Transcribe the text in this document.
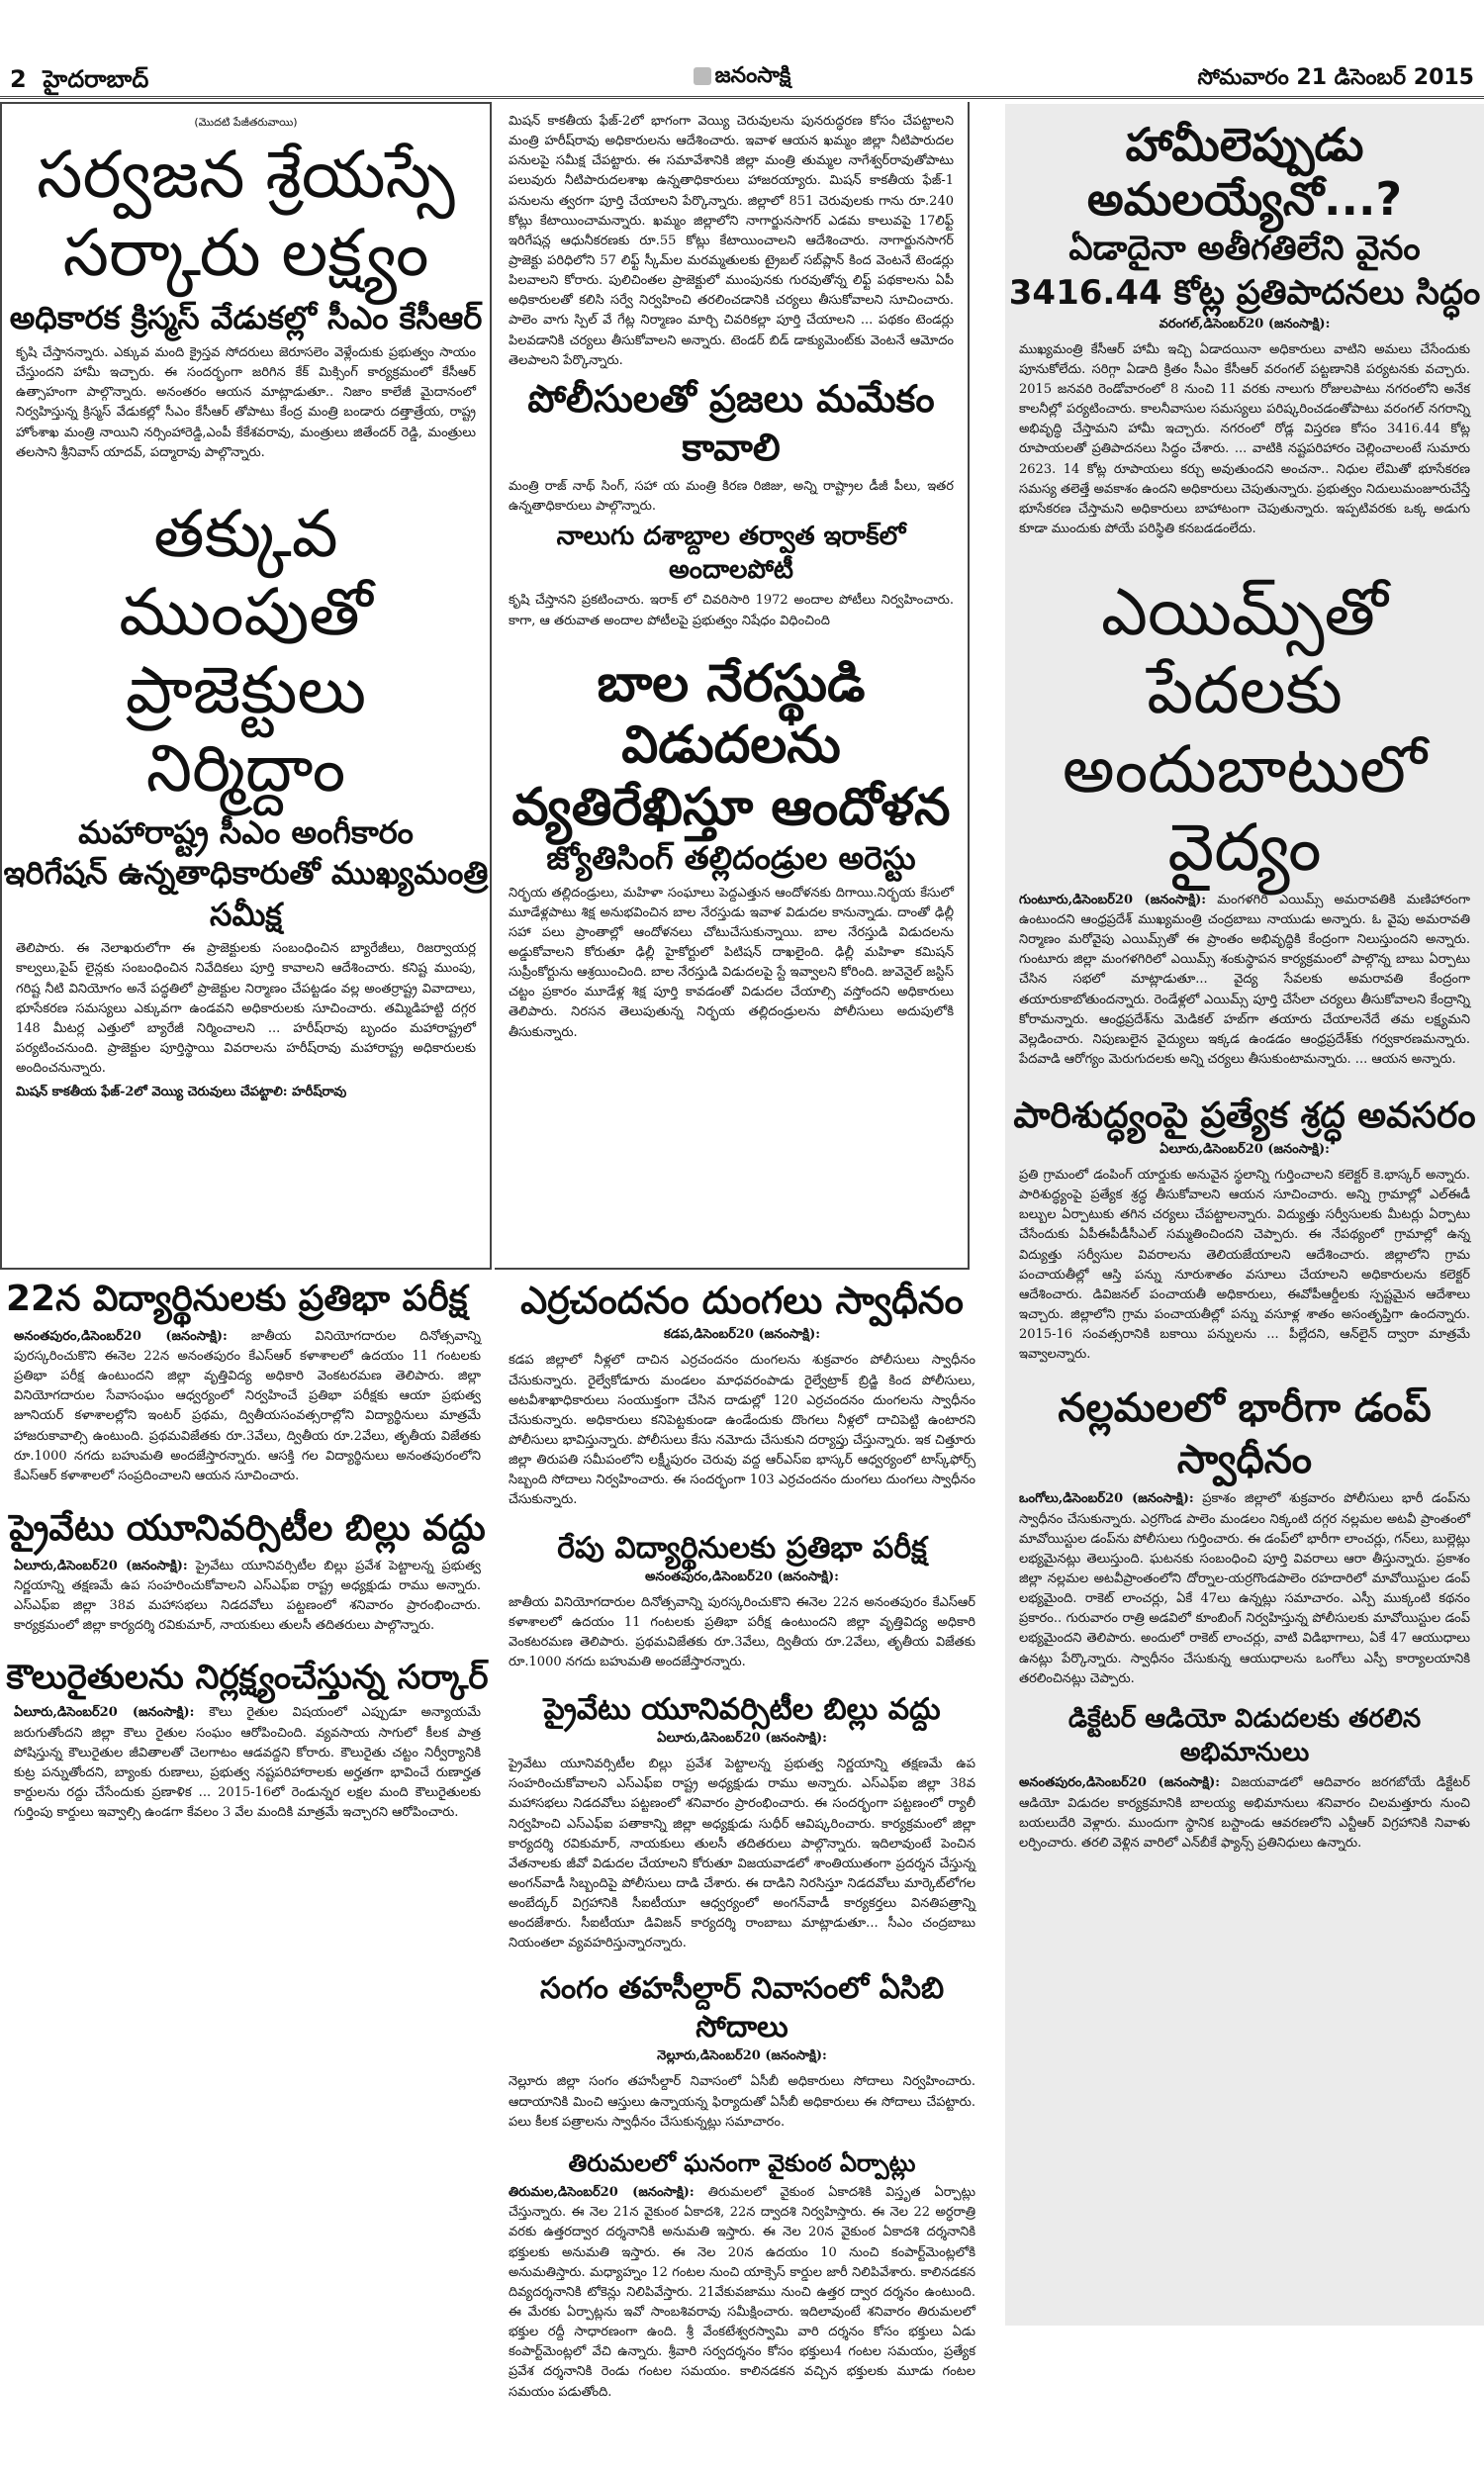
2 హైదరాబాద్	జనంసాక్షి	సోమవారం 21 డిసెంబర్ 2015
(మొదటి పేజీతరువాయి)
సర్వజన శ్రేయస్సే సర్కారు లక్ష్యం
అధికారక క్రిస్మస్ వేడుకల్లో సీఎం కేసీఆర్

కృషి చేస్తానన్నారు. ఎక్కువ మంది క్రైస్తవ సోదరులు జెరూసలెం వెళ్లేందుకు ప్రభుత్వం సాయం చేస్తుందని హామీ ఇచ్చారు. ఈ సందర్భంగా జరిగిన కేక్ మిక్సింగ్ కార్యక్రమంలో కేసీఆర్ ఉత్సాహంగా పాల్గొన్నారు. అనంతరం ఆయన మాట్లాడుతూ.. నిజాం కాలేజీ మైదానంలో నిర్వహిస్తున్న క్రిస్మస్ వేడుకల్లో సీఎం కేసీఆర్ తోపాటు కేంద్ర మంత్రి బండారు దత్తాత్రేయ, రాష్ట్ర హోంశాఖ మంత్రి నాయిని నర్సింహారెడ్డి,ఎంపీ కేకేశవరావు, మంత్రులు జితేందర్ రెడ్డి, మంత్రులు తలసాని శ్రీనివాస్ యాదవ్, పద్మారావు పాల్గొన్నారు.

తక్కువ ముంపుతో ప్రాజెక్టులు నిర్మిద్దాం
మహారాష్ట్ర సీఎం అంగీకారం
ఇరిగేషన్ ఉన్నతాధికారుతో ముఖ్యమంత్రి సమీక్ష

తెలిపారు. ఈ నెలాఖరులోగా ఈ ప్రాజెక్టులకు సంబంధించిన బ్యారేజీలు, రిజర్వాయర్ల కాల్వలు,పైప్ లైన్లకు సంబంధించిన నివేదికలు పూర్తి కావాలని ఆదేశించారు. కనిష్ట ముంపు, గరిష్ట నీటి వినియోగం అనే పద్ధతిలో ప్రాజెక్టుల నిర్మాణం చేపట్టడం వల్ల అంతర్రాష్ట్ర వివాదాలు, భూసేకరణ సమస్యలు ఎక్కువగా ఉండవని అధికారులకు సూచించారు. తమ్మిడిహట్టి దగ్గర 148 మీటర్ల ఎత్తులో బ్యారేజీ నిర్మించాలని ... హరీష్‌రావు బృందం మహారాష్ట్రలో పర్యటించనుంది. ప్రాజెక్టుల పూర్తిస్థాయి వివరాలను హరీష్‌రావు మహారాష్ట్ర అధికారులకు అందించనున్నారు.

మిషన్ కాకతీయ ఫేజ్-2లో వెయ్యి చెరువులు చేపట్టాలి: హరీష్‌రావు

మిషన్ కాకతీయ ఫేజ్-2లో భాగంగా వెయ్యి చెరువులను పునరుద్ధరణ కోసం చేపట్టాలని మంత్రి హరీష్‌రావు అధికారులను ఆదేశించారు. ఇవాళ ఆయన ఖమ్మం జిల్లా నీటిపారుదల పనులపై సమీక్ష చేపట్టారు. ఈ సమావేశానికి జిల్లా మంత్రి తుమ్మల నాగేశ్వర్‌రావుతోపాటు పలువురు నీటిపారుదలశాఖ ఉన్నతాధికారులు హాజరయ్యారు. మిషన్ కాకతీయ ఫేజ్-1 పనులను త్వరగా పూర్తి చేయాలని పేర్కొన్నారు. జిల్లాలో 851 చెరువులకు గాను రూ.240 కోట్లు కేటాయించామన్నారు. ఖమ్మం జిల్లాలోని నాగార్జునసాగర్ ఎడమ కాలువపై 17లిఫ్ట్ ఇరిగేషన్ల ఆధునీకరణకు రూ.55 కోట్లు కేటాయించాలని ఆదేశించారు. నాగార్జునసాగర్ ప్రాజెక్టు పరిధిలోని 57 లిఫ్ట్ స్కీమ్‌ల మరమ్మతులకు ట్రైబల్ సబ్‌ప్లాన్ కింద వెంటనే టెండర్లు పిలవాలని కోరారు. పులిచింతల ప్రాజెక్టులో ముంపునకు గురవుతోన్న లిఫ్ట్ పథకాలను ఏపీ అధికారులతో కలిసి సర్వే నిర్వహించి తరలించడానికి చర్యలు తీసుకోవాలని సూచించారు. పాలెం వాగు స్పిల్ వే గేట్ల నిర్మాణం మార్చి చివరికల్లా పూర్తి చేయాలని ... పథకం టెండర్లు పిలవడానికి చర్యలు తీసుకోవాలని అన్నారు. టెండర్ బిడ్ డాక్యుమెంట్‌కు వెంటనే ఆమోదం తెలపాలని పేర్కొన్నారు.

పోలీసులతో ప్రజలు మమేకం కావాలి

మంత్రి రాజ్ నాథ్ సింగ్, సహా య మంత్రి కిరణ రిజిజు, అన్ని రాష్ట్రాల డీజీ పీలు, ఇతర ఉన్నతాధికారులు పాల్గొన్నారు.

నాలుగు దశాబ్దాల తర్వాత ఇరాక్‌లో అందాలపోటీ

కృషి చేస్తానని ప్రకటించారు. ఇరాక్ లో చివరిసారి 1972 అందాల పోటీలు నిర్వహించారు. కాగా, ఆ తరువాత అందాల పోటీలపై ప్రభుత్వం నిషేధం విధించింది

బాల నేరస్థుడి విడుదలను వ్యతిరేఖిస్తూ ఆందోళన
జ్యోతిసింగ్ తల్లిదండ్రుల అరెస్టు

నిర్భయ తల్లిదండ్రులు, మహిళా సంఘాలు పెద్దఎత్తున ఆందోళనకు దిగాయి.నిర్భయ కేసులో మూడేళ్లపాటు శిక్ష అనుభవించిన బాల నేరస్తుడు ఇవాళ విడుదల కానున్నాడు. దాంతో ఢిల్లీ సహా పలు ప్రాంతాల్లో ఆందోళనలు చోటుచేసుకున్నాయి. బాల నేరస్తుడి విడుదలను అడ్డుకోవాలని కోరుతూ ఢిల్లీ హైకోర్టులో పిటిషన్ దాఖలైంది. ఢిల్లీ మహిళా కమిషన్ సుప్రీంకోర్టును ఆశ్రయించింది. బాల నేరస్తుడి విడుదలపై స్టే ఇవ్వాలని కోరింది. జువెనైల్ జస్టిస్ చట్టం ప్రకారం మూడేళ్ల శిక్ష పూర్తి కావడంతో విడుదల చేయాల్సి వస్తోందని అధికారులు తెలిపారు. నిరసన తెలుపుతున్న నిర్భయ తల్లిదండ్రులను పోలీసులు అదుపులోకి తీసుకున్నారు.

హామీలెప్పుడు అమలయ్యేనో...?
ఏడాదైనా అతీగతిలేని వైనం
3416.44 కోట్ల ప్రతిపాదనలు సిద్ధం
వరంగల్,డిసెంబర్20 (జనంసాక్షి):

ముఖ్యమంత్రి కేసీఆర్ హామీ ఇచ్చి ఏడాదయినా అధికారులు వాటిని అమలు చేసేందుకు పూనుకోలేదు. సరిగ్గా ఏడాది క్రితం సీఎం కేసీఆర్ వరంగల్ పట్టణానికి పర్యటనకు వచ్చారు. 2015 జనవరి రెండోవారంలో 8 నుంచి 11 వరకు నాలుగు రోజులపాటు నగరంలోని అనేక కాలనీల్లో పర్యటించారు. కాలనీవాసుల సమస్యలు పరిష్కరించడంతోపాటు వరంగల్ నగరాన్ని అభివృద్ధి చేస్తామని హామీ ఇచ్చారు. నగరంలో రోడ్ల విస్తరణ కోసం 3416.44 కోట్ల రూపాయలతో ప్రతిపాదనలు సిద్ధం చేశారు. ... వాటికి నష్టపరిహారం చెల్లించాలంటే సుమారు 2623. 14 కోట్ల రూపాయలు కర్చు అవుతుందని అంచనా.. నిధుల లేమితో భూసేకరణ సమస్య తలెత్తే అవకాశం ఉందని అధికారులు చెపుతున్నారు. ప్రభుత్వం నిదులుమంజూరుచేస్తే భూసేకరణ చేస్తామని అధికారులు బాహాటంగా చెపుతున్నారు. ఇప్పటివరకు ఒక్క అడుగు కూడా ముందుకు పోయే పరిస్థితి కనబడడంలేదు.

ఎయిమ్స్‌తో పేదలకు అందుబాటులో వైద్యం

గుంటూరు,డిసెంబర్20 (జనంసాక్షి): మంగళగిరి ఎయిమ్స్ అమరావతికి మణిహారంగా ఉంటుందని ఆంధ్రప్రదేశ్ ముఖ్యమంత్రి చంద్రబాబు నాయుడు అన్నారు. ఓ వైపు అమరావతి నిర్మాణం మరోవైపు ఎయిమ్స్‌తో ఈ ప్రాంతం అభివృద్ధికి కేంద్రంగా నిలుస్తుందని అన్నారు. గుంటూరు జిల్లా మంగళగిరిలో ఎయిమ్స్ శంకుస్థాపన కార్యక్రమంలో పాల్గొన్న బాబు ఏర్పాటు చేసిన సభలో మాట్లాడుతూ... వైద్య సేవలకు అమరావతి కేంద్రంగా తయారుకాబోతుందన్నారు. రెండేళ్లలో ఎయిమ్స్ పూర్తి చేసేలా చర్యలు తీసుకోవాలని కేంద్రాన్ని కోరామన్నారు. ఆంధ్రప్రదేశ్‌ను మెడికల్ హబ్‌గా తయారు చేయాలనేదే తమ లక్ష్యమని వెల్లడించారు. నిపుణులైన వైద్యులు ఇక్కడ ఉండడం ఆంధ్రప్రదేశ్‌కు గర్వకారణమన్నారు. పేదవాడి ఆరోగ్యం మెరుగుదలకు అన్ని చర్యలు తీసుకుంటామన్నారు. ... ఆయన అన్నారు.

పారిశుద్ధ్యంపై ప్రత్యేక శ్రద్ధ అవసరం
ఏలూరు,డిసెంబర్20 (జనంసాక్షి):

ప్రతి గ్రామంలో డంపింగ్ యార్డుకు అనువైన స్థలాన్ని గుర్తించాలని కలెక్టర్ కె.భాస్కర్ అన్నారు. పారిశుద్ధ్యంపై ప్రత్యేక శ్రద్ధ తీసుకోవాలని ఆయన సూచించారు. అన్ని గ్రామాల్లో ఎల్ఈడీ బల్బుల ఏర్పాటుకు తగిన చర్యలు చేపట్టాలన్నారు. విద్యుత్తు సర్వీసులకు మీటర్లు ఏర్పాటు చేసేందుకు ఏపీఈపీడీసీఎల్ సమ్మతించిందని చెప్పారు. ఈ నేపథ్యంలో గ్రామాల్లో ఉన్న విద్యుత్తు సర్వీసుల వివరాలను తెలియజేయాలని ఆదేశించారు. జిల్లాలోని గ్రామ పంచాయతీల్లో ఆస్తి పన్ను నూరుశాతం వసూలు చేయాలని అధికారులను కలెక్టర్ ఆదేశించారు. డివిజనల్ పంచాయతీ అధికారులు, ఈవోపీఆర్డీలకు స్పష్టమైన ఆదేశాలు ఇచ్చారు. జిల్లాలోని గ్రామ పంచాయతీల్లో పన్ను వసూళ్ల శాతం అసంతృప్తిగా ఉందన్నారు. 2015-16 సంవత్సరానికి బకాయి పన్నులను ... పీల్లేదని, ఆన్‌లైన్ ద్వారా మాత్రమే ఇవ్వాలన్నారు.

నల్లమలలో భారీగా డంప్ స్వాధీనం

ఒంగోలు,డిసెంబర్20 (జనంసాక్షి): ప్రకాశం జిల్లాలో శుక్రవారం పోలీసులు భారీ డంప్‌ను స్వాధీనం చేసుకున్నారు. ఎర్రగొండ పాలెం మండలం నిక్కంటి దగ్గర నల్లమల అటవీ ప్రాంతంలో మావోయిస్టుల డంప్‌ను పోలీసులు గుర్తించారు. ఈ డంప్‌లో భారీగా లాంచర్లు, గన్‌లు, బుల్లెట్లు లభ్యమైనట్లు తెలుస్తుంది. ఘటనకు సంబంధించి పూర్తి వివరాలు ఆరా తీస్తున్నారు. ప్రకాశం జిల్లా నల్లమల అటవీప్రాంతంలోని దోర్నాల-యర్రగొండపాలెం రహదారిలో మావోయిస్టుల డంప్ లభ్యమైంది. రాకెట్ లాంచర్లు, ఏకే 47లు ఉన్నట్లు సమాచారం. ఎస్పీ ముక్కంటి కథనం ప్రకారం.. గురువారం రాత్రి అడవిలో కూంబింగ్ నిర్వహిస్తున్న పోలీసులకు మావోయిస్టుల డంప్ లభ్యమైందని తెలిపారు. అందులో రాకెట్ లాంచర్లు, వాటి విడిభాగాలు, ఏకే 47 ఆయుధాలు ఉనట్లు పేర్కొన్నారు. స్వాధీనం చేసుకున్న ఆయుధాలను ఒంగోలు ఎస్పీ కార్యాలయానికి తరలించినట్లు చెప్పారు.

డిక్టేటర్ ఆడియో విడుదలకు తరలిన అభిమానులు

అనంతపురం,డిసెంబర్20 (జనంసాక్షి): విజయవాడలో ఆదివారం జరగబోయే డిక్టేటర్ ఆడియో విడుదల కార్యక్రమానికి బాలయ్య అభిమానులు శనివారం చిలమత్తూరు నుంచి బయలుదేరి వెళ్లారు. ముందుగా స్థానిక బస్టాండు ఆవరణలోని ఎన్టీఆర్ విగ్రహానికి నివాళు లర్పించారు. తరలి వెళ్లిన వారిలో ఎన్‌బీకే ఫ్యాన్స్ ప్రతినిధులు ఉన్నారు.

22న విద్యార్థినులకు ప్రతిభా పరీక్ష

అనంతపురం,డిసెంబర్20 (జనంసాక్షి): జాతీయ వినియోగదారుల దినోత్సవాన్ని పురస్కరించుకొని ఈనెల 22న అనంతపురం కేఎస్ఆర్ కళాశాలలో ఉదయం 11 గంటలకు ప్రతిభా పరీక్ష ఉంటుందని జిల్లా వృత్తివిద్య అధికారి వెంకటరమణ తెలిపారు. జిల్లా వినియోగదారుల సేవాసంఘం ఆధ్వర్యంలో నిర్వహించే ప్రతిభా పరీక్షకు ఆయా ప్రభుత్వ జూనియర్ కళాశాలల్లోని ఇంటర్ ప్రథమ, ద్వితీయసంవత్సరాల్లోని విద్యార్థినులు మాత్రమే హాజరుకావాల్సి ఉంటుంది. ప్రథమవిజేతకు రూ.3వేలు, ద్వితీయ రూ.2వేలు, తృతీయ విజేతకు రూ.1000 నగదు బహుమతి అందజేస్తారన్నారు. ఆసక్తి గల విద్యార్థినులు అనంతపురంలోని కేఎస్ఆర్ కళాశాలలో సంప్రదించాలని ఆయన సూచించారు.

ప్రైవేటు యూనివర్సిటీల బిల్లు వద్దు

ఏలూరు,డిసెంబర్20 (జనంసాక్షి): ప్రైవేటు యూనివర్సిటీల బిల్లు ప్రవేశ పెట్టాలన్న ప్రభుత్వ నిర్ణయాన్ని తక్షణమే ఉప సంహరించుకోవాలని ఎస్ఎఫ్ఐ రాష్ట్ర అధ్యక్షుడు రాము అన్నారు. ఎస్ఎఫ్ఐ జిల్లా 38వ మహాసభలు నిడదవోలు పట్టణంలో శనివారం ప్రారంభించారు. కార్యక్రమంలో జిల్లా కార్యదర్శి రవికుమార్, నాయకులు తులసీ తదితరులు పాల్గొన్నారు.

కౌలురైతులను నిర్లక్ష్యంచేస్తున్న సర్కార్

ఏలూరు,డిసెంబర్20 (జనంసాక్షి): కౌలు రైతుల విషయంలో ఎప్పుడూ అన్యాయమే జరుగుతోందని జిల్లా కౌలు రైతుల సంఘం ఆరోపించింది. వ్యవసాయ సాగులో కీలక పాత్ర పోషిస్తున్న కౌలురైతుల జీవితాలతో చెలగాటం ఆడవద్దని కోరారు. కౌలురైతు చట్టం నిర్వీర్యానికి కుట్ర పన్నుతోందని, బ్యాంకు రుణాలు, ప్రభుత్వ నష్టపరిహారాలకు అర్హతగా భావించే రుణార్హత కార్డులను రద్దు చేసేందుకు ప్రణాళిక ... 2015-16లో రెండున్నర లక్షల మంది కౌలురైతులకు గుర్తింపు కార్డులు ఇవ్వాల్సి ఉండగా కేవలం 3 వేల మందికి మాత్రమే ఇచ్చారని ఆరోపించారు.

ఎర్రచందనం దుంగలు స్వాధీనం
కడప,డిసెంబర్20 (జనంసాక్షి):

కడప జిల్లాలో నీళ్లలో దాచిన ఎర్రచందనం దుంగలను శుక్రవారం పోలీసులు స్వాధీనం చేసుకున్నారు. రైల్వేకోడూరు మండలం మాధవరంపాడు రైల్వేట్రాక్ బ్రిడ్జి కింద పోలీసులు, అటవీశాఖాధికారులు సంయుక్తంగా చేసిన దాడుల్లో 120 ఎర్రచందనం దుంగలను స్వాధీనం చేసుకున్నారు. అధికారులు కనిపెట్టకుండా ఉండేందుకు దొంగలు నీళ్లలో దాచిపెట్టి ఉంటారని పోలీసులు భావిస్తున్నారు. పోలీసులు కేసు నమోదు చేసుకుని దర్యాప్తు చేస్తున్నారు. ఇక చిత్తూరు జిల్లా తిరుపతి సమీపంలోని లక్ష్మీపురం చెరువు వద్ద ఆర్ఎస్ఐ భాస్కర్ ఆధ్వర్యంలో టాస్క్‌ఫోర్స్ సిబ్బంది సోదాలు నిర్వహించారు. ఈ సందర్భంగా 103 ఎర్రచందనం దుంగలు దుంగలు స్వాధీనం చేసుకున్నారు.

రేపు విద్యార్థినులకు ప్రతిభా పరీక్ష
అనంతపురం,డిసెంబర్20 (జనంసాక్షి):

జాతీయ వినియోగదారుల దినోత్సవాన్ని పురస్కరించుకొని ఈనెల 22న అనంతపురం కేఎస్ఆర్ కళాశాలలో ఉదయం 11 గంటలకు ప్రతిభా పరీక్ష ఉంటుందని జిల్లా వృత్తివిద్య అధికారి వెంకటరమణ తెలిపారు. ప్రథమవిజేతకు రూ.3వేలు, ద్వితీయ రూ.2వేలు, తృతీయ విజేతకు రూ.1000 నగదు బహుమతి అందజేస్తారన్నారు.

ప్రైవేటు యూనివర్సిటీల బిల్లు వద్దు
ఏలూరు,డిసెంబర్20 (జనంసాక్షి):

ప్రైవేటు యూనివర్సిటీల బిల్లు ప్రవేశ పెట్టాలన్న ప్రభుత్వ నిర్ణయాన్ని తక్షణమే ఉప సంహరించుకోవాలని ఎస్ఎఫ్ఐ రాష్ట్ర అధ్యక్షుడు రాము అన్నారు. ఎస్ఎఫ్ఐ జిల్లా 38వ మహాసభలు నిడదవోలు పట్టణంలో శనివారం ప్రారంభించారు. ఈ సందర్భంగా పట్టణంలో ర్యాలీ నిర్వహించి ఎస్ఎఫ్ఐ పతాకాన్ని జిల్లా అధ్యక్షుడు సుధీర్ ఆవిష్కరించారు. కార్యక్రమంలో జిల్లా కార్యదర్శి రవికుమార్, నాయకులు తులసీ తదితరులు పాల్గొన్నారు. ఇదిలావుంటే పెంచిన వేతనాలకు జీవో విడుదల చేయాలని కోరుతూ విజయవాడలో శాంతియుతంగా ప్రదర్శన చేస్తున్న అంగన్‌వాడీ సిబ్బందిపై పోలీసులు దాడి చేశారు. ఈ దాడిని నిరసిస్తూ నిడదవోలు మార్కెట్‌లోగల అంబేద్కర్ విగ్రహానికి సీఐటీయూ ఆధ్వర్యంలో అంగన్‌వాడీ కార్యకర్తలు వినతిపత్రాన్ని అందజేశారు. సీఐటీయూ డివిజన్ కార్యదర్శి రాంబాబు మాట్లాడుతూ... సీఎం చంద్రబాబు నియంతలా వ్యవహరిస్తున్నారన్నారు.

సంగం తహసీల్దార్ నివాసంలో ఏసిబి సోదాలు
నెల్లూరు,డిసెంబర్20 (జనంసాక్షి):

నెల్లూరు జిల్లా సంగం తహసీల్దార్ నివాసంలో ఏసీబీ అధికారులు సోదాలు నిర్వహించారు. ఆదాయానికి మించి ఆస్తులు ఉన్నాయన్న ఫిర్యాదుతో ఏసీబీ అధికారులు ఈ సోదాలు చేపట్టారు. పలు కీలక పత్రాలను స్వాధీనం చేసుకున్నట్లు సమాచారం.

తిరుమలలో ఘనంగా వైకుంఠ ఏర్పాట్లు

తిరుమల,డిసెంబర్20 (జనంసాక్షి): తిరుమలలో వైకుంఠ ఏకాదశికి విస్తృత ఏర్పాట్లు చేస్తున్నారు. ఈ నెల 21న వైకుంఠ ఏకాదశి, 22న ద్వాదశి నిర్వహిస్తారు. ఈ నెల 22 అర్ధరాత్రి వరకు ఉత్తరద్వార దర్శనానికి అనుమతి ఇస్తారు. ఈ నెల 20న వైకుంఠ ఏకాదశి దర్శనానికి భక్తులకు అనుమతి ఇస్తారు. ఈ నెల 20న ఉదయం 10 నుంచి కంపార్ట్‌మెంట్లలోకి అనుమతిస్తారు. మధ్యాహ్నం 12 గంటల నుంచి యాక్సెస్ కార్డుల జారీ నిలిపివేశారు. కాలినడకన దివ్యదర్శనానికి టోకెన్లు నిలిపివేస్తారు. 21వేకువజాము నుంచి ఉత్తర ద్వార దర్శనం ఉంటుంది. ఈ మేరకు ఏర్పాట్లను ఇవో సాంబశివరావు సమీక్షించారు. ఇదిలావుంటే శనివారం తిరుమలలో భక్తుల రద్దీ సాధారణంగా ఉంది. శ్రీ వేంకటేశ్వరస్వామి వారి దర్శనం కోసం భక్తులు ఏడు కంపార్ట్‌మెంట్లలో వేచి ఉన్నారు. శ్రీవారి సర్వదర్శనం కోసం భక్తులు4 గంటల సమయం, ప్రత్యేక ప్రవేశ దర్శనానికి రెండు గంటల సమయం. కాలినడకన వచ్చిన భక్తులకు మూడు గంటల సమయం పడుతోంది.
